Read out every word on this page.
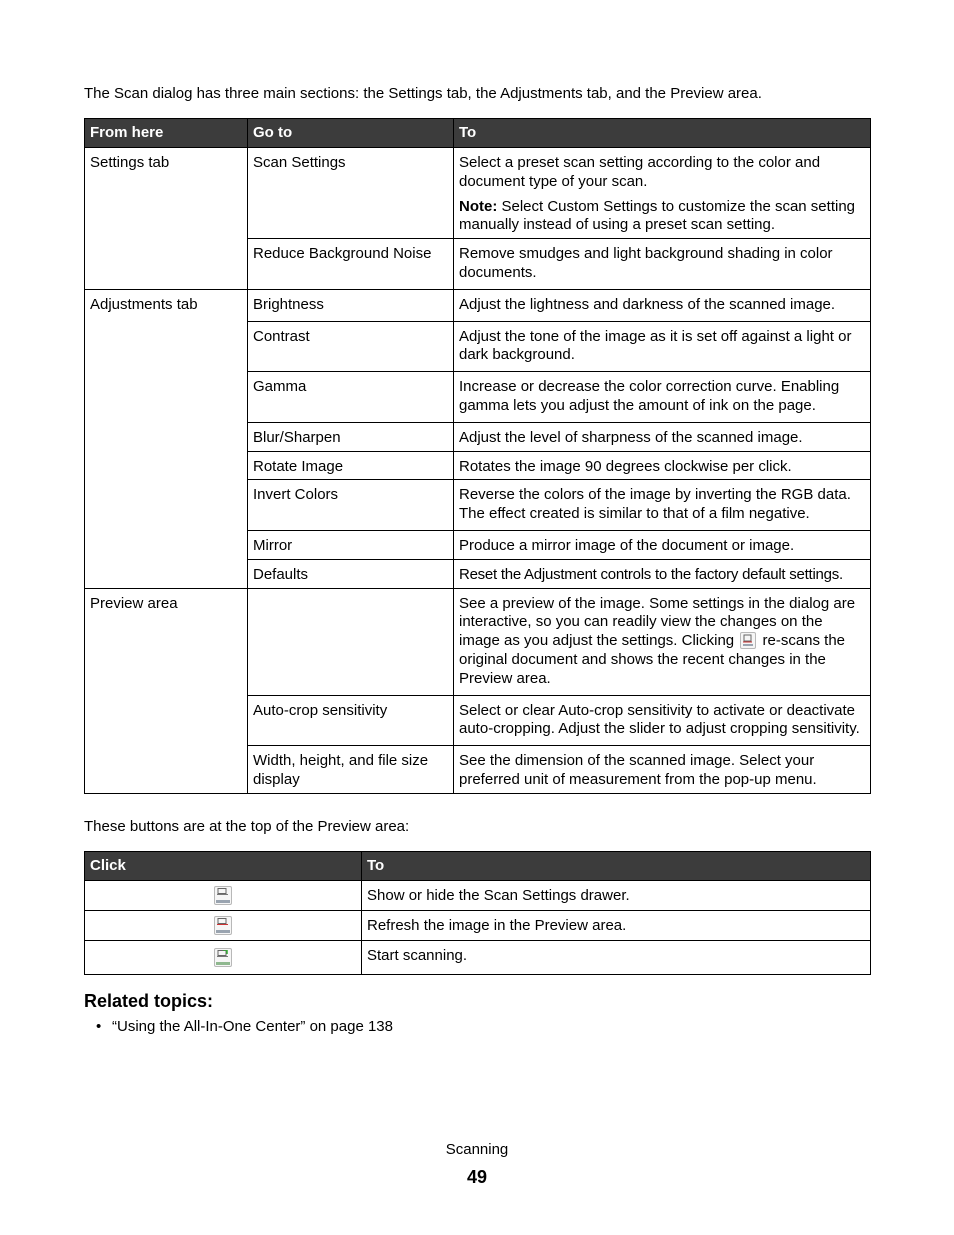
The Scan dialog has three main sections: the Settings tab, the Adjustments tab, and the Preview area.
From here	Go to	To
Settings tab	Scan Settings	Select a preset scan setting according to the color and document type of your scan.

Note: Select Custom Settings to customize the scan setting manually instead of using a preset scan setting.

	Reduce Background Noise	Remove smudges and light background shading in color documents.
Adjustments tab	Brightness	Adjust the lightness and darkness of the scanned image.
	Contrast	Adjust the tone of the image as it is set off against a light or dark background.
	Gamma	Increase or decrease the color correction curve. Enabling gamma lets you adjust the amount of ink on the page.
	Blur/Sharpen	Adjust the level of sharpness of the scanned image.
	Rotate Image	Rotates the image 90 degrees clockwise per click.
	Invert Colors	Reverse the colors of the image by inverting the RGB data. The effect created is similar to that of a film negative.
	Mirror	Produce a mirror image of the document or image.
	Defaults	Reset the Adjustment controls to the factory default settings.
Preview area		See a preview of the image. Some settings in the dialog are interactive, so you can readily view the changes on the image as you adjust the settings. Clicking  re-scans the original document and shows the recent changes in the Preview area.
	Auto-crop sensitivity	Select or clear Auto-crop sensitivity to activate or deactivate auto-cropping. Adjust the slider to adjust cropping sensitivity.
	Width, height, and file size display	See the dimension of the scanned image. Select your preferred unit of measurement from the pop-up menu.
These buttons are at the top of the Preview area:
Click	To

	Show or hide the Scan Settings drawer.

	Refresh the image in the Preview area.

	Start scanning.
Related topics:
• “Using the All-In-One Center” on page 138
Scanning
49
